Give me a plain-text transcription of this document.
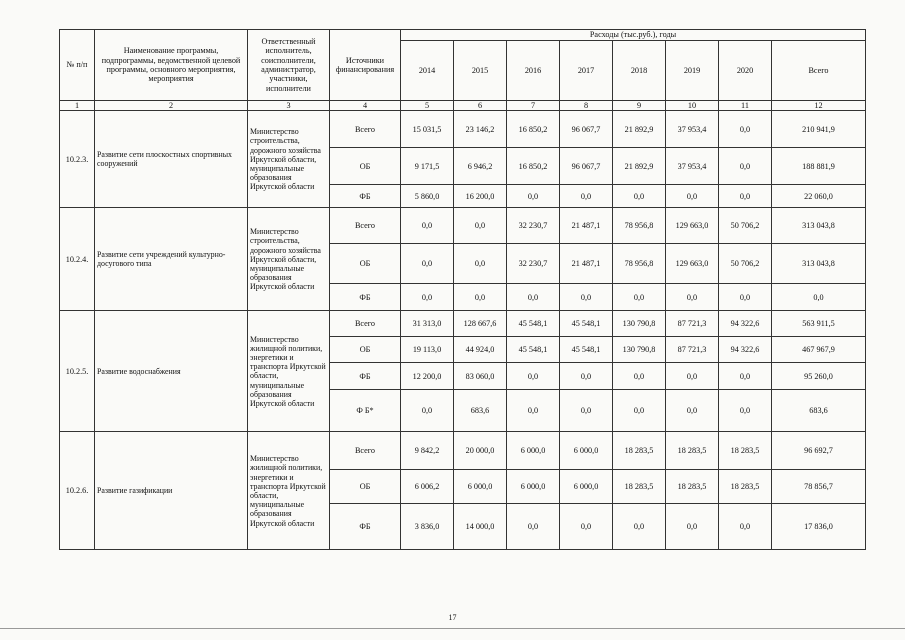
№ п/п	Наименование программы, подпрограммы, ведомственной целевой программы, основного мероприятия, мероприятия	Ответственный исполнитель, соисполнители, администратор, участники, исполнители	Источники финансирования	Расходы (тыс.руб.), годы							
				2014	2015	2016	2017	2018	2019	2020	Всего
1	2	3	4	5	6	7	8	9	10	11	12
10.2.3.	Развитие сети плоскостных спортивных сооружений	Министерство строительства, дорожного хозяйства Иркутской области, муниципальные образования Иркутской области	Всего	15 031,5	23 146,2	16 850,2	96 067,7	21 892,9	37 953,4	0,0	210 941,9
			ОБ	9 171,5	6 946,2	16 850,2	96 067,7	21 892,9	37 953,4	0,0	188 881,9
			ФБ	5 860,0	16 200,0	0,0	0,0	0,0	0,0	0,0	22 060,0
10.2.4.	Развитие сети учреждений культурно-досугового типа	Министерство строительства, дорожного хозяйства Иркутской области, муниципальные образования Иркутской области	Всего	0,0	0,0	32 230,7	21 487,1	78 956,8	129 663,0	50 706,2	313 043,8
			ОБ	0,0	0,0	32 230,7	21 487,1	78 956,8	129 663,0	50 706,2	313 043,8
			ФБ	0,0	0,0	0,0	0,0	0,0	0,0	0,0	0,0
10.2.5.	Развитие водоснабжения	Министерство жилищной политики, энергетики и транспорта Иркутской области, муниципальные образования Иркутской области	Всего	31 313,0	128 667,6	45 548,1	45 548,1	130 790,8	87 721,3	94 322,6	563 911,5
			ОБ	19 113,0	44 924,0	45 548,1	45 548,1	130 790,8	87 721,3	94 322,6	467 967,9
			ФБ	12 200,0	83 060,0	0,0	0,0	0,0	0,0	0,0	95 260,0
			Ф Б*	0,0	683,6	0,0	0,0	0,0	0,0	0,0	683,6
10.2.6.	Развитие газификации	Министерство жилищной политики, энергетики и транспорта Иркутской области, муниципальные образования Иркутской области	Всего	9 842,2	20 000,0	6 000,0	6 000,0	18 283,5	18 283,5	18 283,5	96 692,7
			ОБ	6 006,2	6 000,0	6 000,0	6 000,0	18 283,5	18 283,5	18 283,5	78 856,7
			ФБ	3 836,0	14 000,0	0,0	0,0	0,0	0,0	0,0	17 836,0
17
